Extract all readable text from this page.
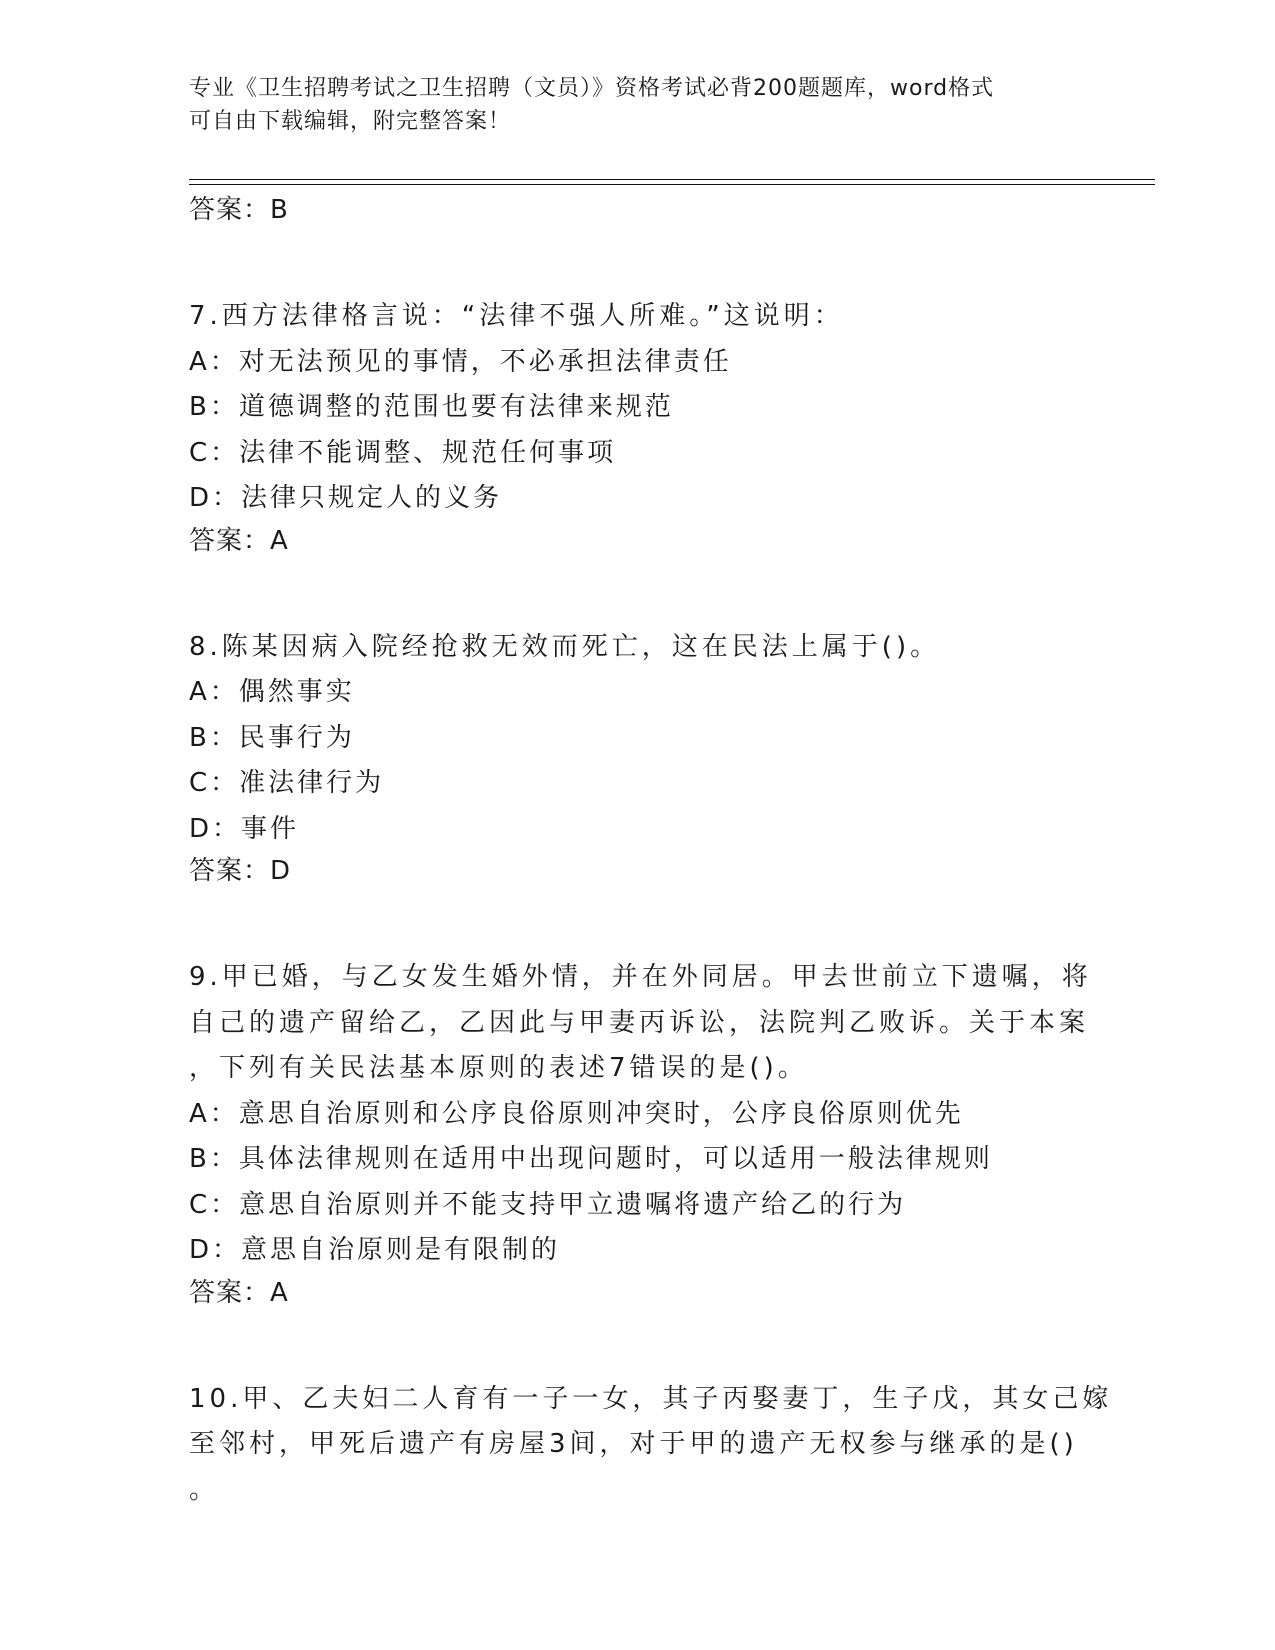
专业《卫生招聘考试之卫生招聘（文员）》资格考试必背200题题库，word格式
可自由下载编辑，附完整答案！
答案：B
7.西方法律格言说：“法律不强人所难。”这说明：
A：对无法预见的事情，不必承担法律责任
B：道德调整的范围也要有法律来规范
C：法律不能调整、规范任何事项
D：法律只规定人的义务
答案：A
8.陈某因病入院经抢救无效而死亡，这在民法上属于()。
A：偶然事实
B：民事行为
C：准法律行为
D：事件
答案：D
9.甲已婚，与乙女发生婚外情，并在外同居。甲去世前立下遗嘱，将
自己的遗产留给乙，乙因此与甲妻丙诉讼，法院判乙败诉。关于本案
，下列有关民法基本原则的表述7错误的是()。
A：意思自治原则和公序良俗原则冲突时，公序良俗原则优先
B：具体法律规则在适用中出现问题时，可以适用一般法律规则
C：意思自治原则并不能支持甲立遗嘱将遗产给乙的行为
D：意思自治原则是有限制的
答案：A
10.甲、乙夫妇二人育有一子一女，其子丙娶妻丁，生子戊，其女己嫁
至邻村，甲死后遗产有房屋3间，对于甲的遗产无权参与继承的是()
。
